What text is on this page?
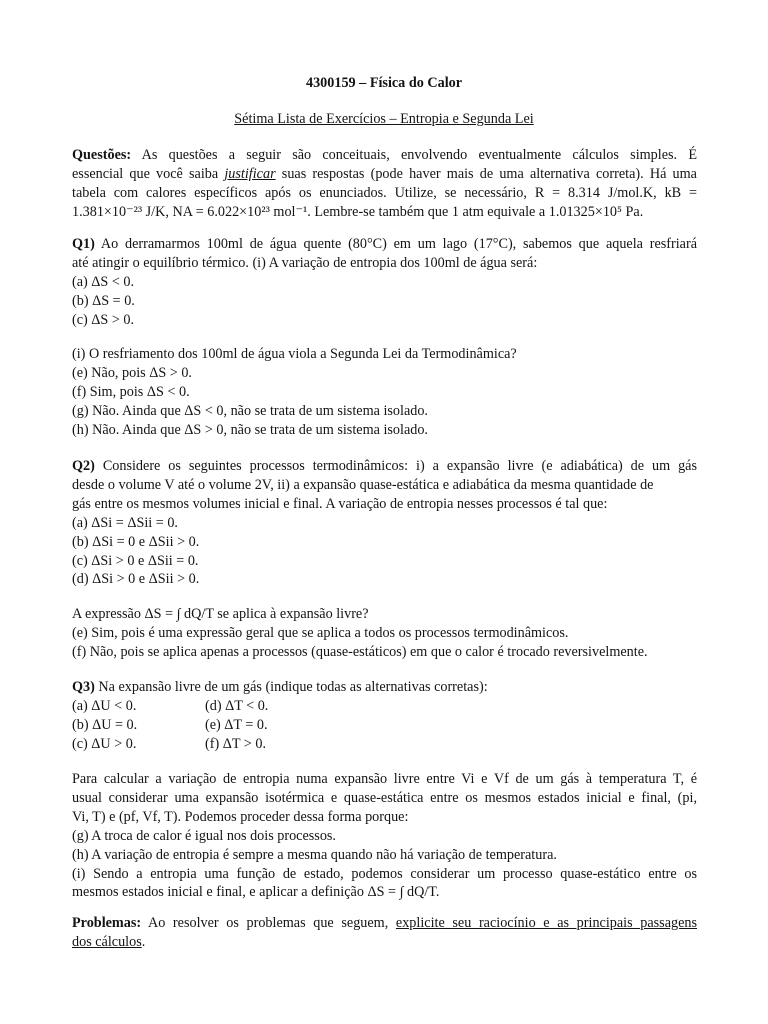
4300159 – Física do Calor
Sétima Lista de Exercícios – Entropia e Segunda Lei
Questões: As questões a seguir são conceituais, envolvendo eventualmente cálculos simples. É
essencial que você saiba justificar suas respostas (pode haver mais de uma alternativa correta). Há uma
tabela com calores específicos após os enunciados. Utilize, se necessário, R = 8.314 J/mol.K, kB =
1.381×10⁻²³ J/K, NA = 6.022×10²³ mol⁻¹. Lembre-se também que 1 atm equivale a 1.01325×10⁵ Pa.
Q1) Ao derramarmos 100ml de água quente (80°C) em um lago (17°C), sabemos que aquela resfriará
até atingir o equilíbrio térmico. (i) A variação de entropia dos 100ml de água será:
(a) ΔS < 0.
(b) ΔS = 0.
(c) ΔS > 0.
(i) O resfriamento dos 100ml de água viola a Segunda Lei da Termodinâmica?
(e) Não, pois ΔS > 0.
(f) Sim, pois ΔS < 0.
(g) Não. Ainda que ΔS < 0, não se trata de um sistema isolado.
(h) Não. Ainda que ΔS > 0, não se trata de um sistema isolado.
Q2) Considere os seguintes processos termodinâmicos: i) a expansão livre (e adiabática) de um gás
desde o volume V até o volume 2V, ii) a expansão quase-estática e adiabática da mesma quantidade de
gás entre os mesmos volumes inicial e final. A variação de entropia nesses processos é tal que:
(a) ΔSi = ΔSii = 0.
(b) ΔSi = 0 e ΔSii > 0.
(c) ΔSi > 0 e ΔSii = 0.
(d) ΔSi > 0 e ΔSii > 0.
A expressão ΔS = ∫ dQ/T se aplica à expansão livre?
(e) Sim, pois é uma expressão geral que se aplica a todos os processos termodinâmicos.
(f) Não, pois se aplica apenas a processos (quase-estáticos) em que o calor é trocado reversivelmente.
Q3) Na expansão livre de um gás (indique todas as alternativas corretas):
(a) ΔU < 0.	(d) ΔT < 0.
(b) ΔU = 0.	(e) ΔT = 0.
(c) ΔU > 0.	(f) ΔT > 0.
Para calcular a variação de entropia numa expansão livre entre Vi e Vf de um gás à temperatura T, é
usual considerar uma expansão isotérmica e quase-estática entre os mesmos estados inicial e final, (pi,
Vi, T) e (pf, Vf, T). Podemos proceder dessa forma porque:
(g) A troca de calor é igual nos dois processos.
(h) A variação de entropia é sempre a mesma quando não há variação de temperatura.
(i) Sendo a entropia uma função de estado, podemos considerar um processo quase-estático entre os
mesmos estados inicial e final, e aplicar a definição ΔS = ∫ dQ/T.
Problemas: Ao resolver os problemas que seguem, explicite seu raciocínio e as principais passagens
dos cálculos.
